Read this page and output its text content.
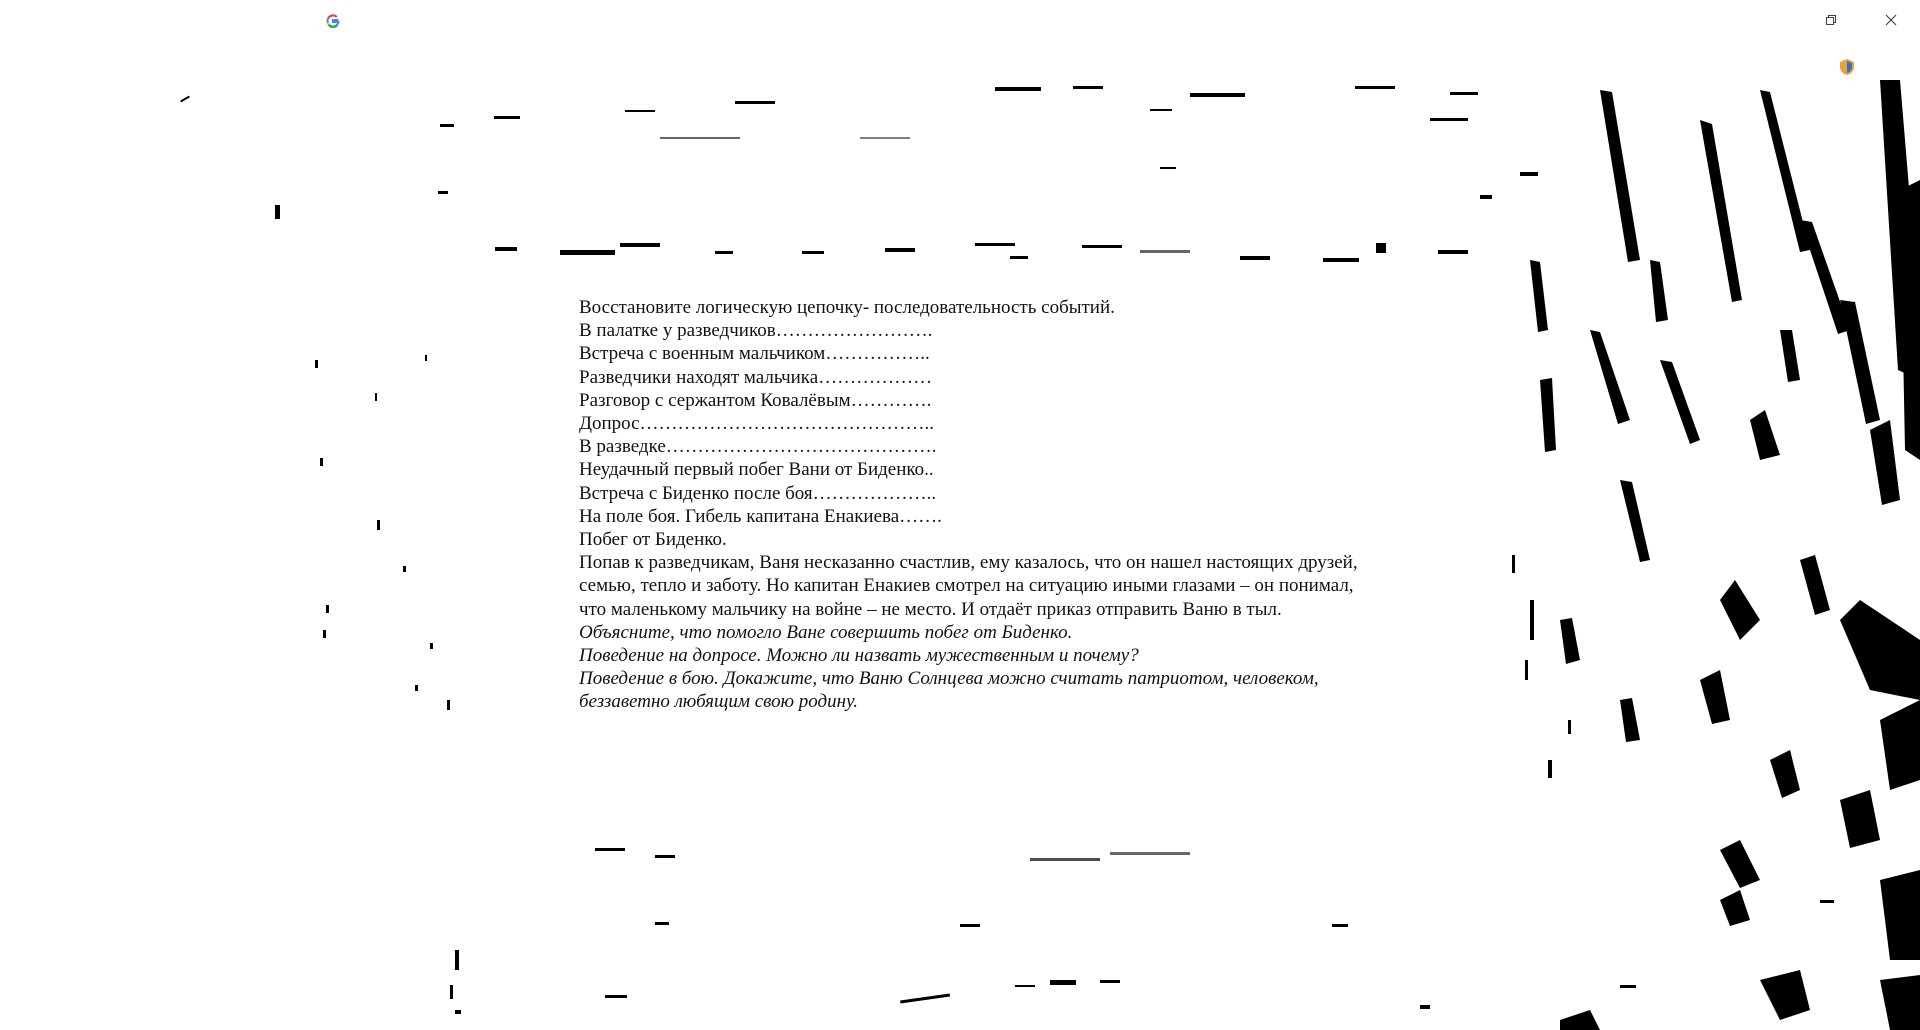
Восстановите логическую цепочку- последовательность событий.

В палатке у разведчиков…………………….

Встреча с военным мальчиком……………..

Разведчики находят мальчика………………

Разговор с сержантом Ковалёвым………….

Допрос………………………………………..

В разведке…………………………………….

Неудачный первый побег Вани от Биденко..

Встреча с Биденко после боя………………..

На поле боя. Гибель капитана Енакиева…….

Побег от Биденко.

Попав к разведчикам, Ваня несказанно счастлив, ему казалось, что он нашел настоящих друзей, семью, тепло и заботу. Но капитан Енакиев смотрел на ситуацию иными глазами – он понимал, что маленькому мальчику на войне – не место. И отдаёт приказ отправить Ваню в тыл.

Объясните, что помогло Ване совершить побег от Биденко.

Поведение на допросе. Можно ли назвать мужественным и почему?

Поведение в бою. Докажите, что Ваню Солнцева можно считать патриотом, человеком, беззаветно любящим свою родину.
